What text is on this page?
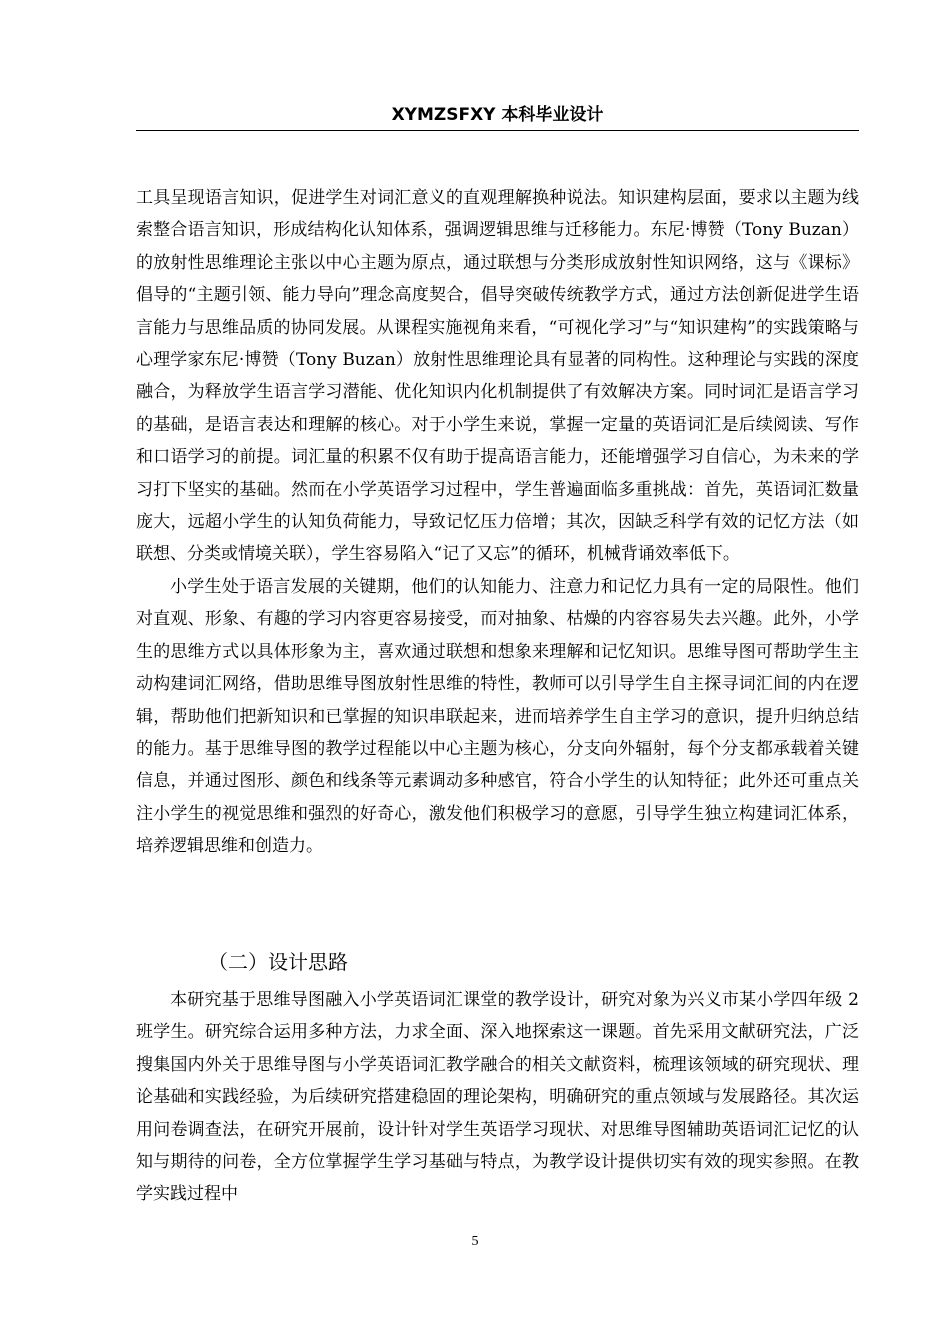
XYMZSFXY 本科毕业设计

工具呈现语言知识，促进学生对词汇意义的直观理解换种说法。知识建构层面，要求以主题为线索整合语言知识，形成结构化认知体系，强调逻辑思维与迁移能力。东尼·博赞（Tony Buzan）的放射性思维理论主张以中心主题为原点，通过联想与分类形成放射性知识网络，这与《课标》倡导的“主题引领、能力导向”理念高度契合，倡导突破传统教学方式，通过方法创新促进学生语言能力与思维品质的协同发展。从课程实施视角来看，“可视化学习”与“知识建构”的实践策略与心理学家东尼·博赞（Tony Buzan）放射性思维理论具有显著的同构性。这种理论与实践的深度融合，为释放学生语言学习潜能、优化知识内化机制提供了有效解决方案。同时词汇是语言学习的基础，是语言表达和理解的核心。对于小学生来说，掌握一定量的英语词汇是后续阅读、写作和口语学习的前提。词汇量的积累不仅有助于提高语言能力，还能增强学习自信心，为未来的学习打下坚实的基础。然而在小学英语学习过程中，学生普遍面临多重挑战：首先，英语词汇数量庞大，远超小学生的认知负荷能力，导致记忆压力倍增；其次，因缺乏科学有效的记忆方法（如联想、分类或情境关联），学生容易陷入“记了又忘”的循环，机械背诵效率低下。

小学生处于语言发展的关键期，他们的认知能力、注意力和记忆力具有一定的局限性。他们对直观、形象、有趣的学习内容更容易接受，而对抽象、枯燥的内容容易失去兴趣。此外，小学生的思维方式以具体形象为主，喜欢通过联想和想象来理解和记忆知识。思维导图可帮助学生主动构建词汇网络，借助思维导图放射性思维的特性，教师可以引导学生自主探寻词汇间的内在逻辑，帮助他们把新知识和已掌握的知识串联起来，进而培养学生自主学习的意识，提升归纳总结的能力。基于思维导图的教学过程能以中心主题为核心，分支向外辐射，每个分支都承载着关键信息，并通过图形、颜色和线条等元素调动多种感官，符合小学生的认知特征；此外还可重点关注小学生的视觉思维和强烈的好奇心，激发他们积极学习的意愿，引导学生独立构建词汇体系，培养逻辑思维和创造力。

（二）设计思路

本研究基于思维导图融入小学英语词汇课堂的教学设计，研究对象为兴义市某小学四年级 2 班学生。研究综合运用多种方法，力求全面、深入地探索这一课题。首先采用文献研究法，广泛搜集国内外关于思维导图与小学英语词汇教学融合的相关文献资料，梳理该领域的研究现状、理论基础和实践经验，为后续研究搭建稳固的理论架构，明确研究的重点领域与发展路径。其次运用问卷调查法，在研究开展前，设计针对学生英语学习现状、对思维导图辅助英语词汇记忆的认知与期待的问卷，全方位掌握学生学习基础与特点，为教学设计提供切实有效的现实参照。在教学实践过程中

5
